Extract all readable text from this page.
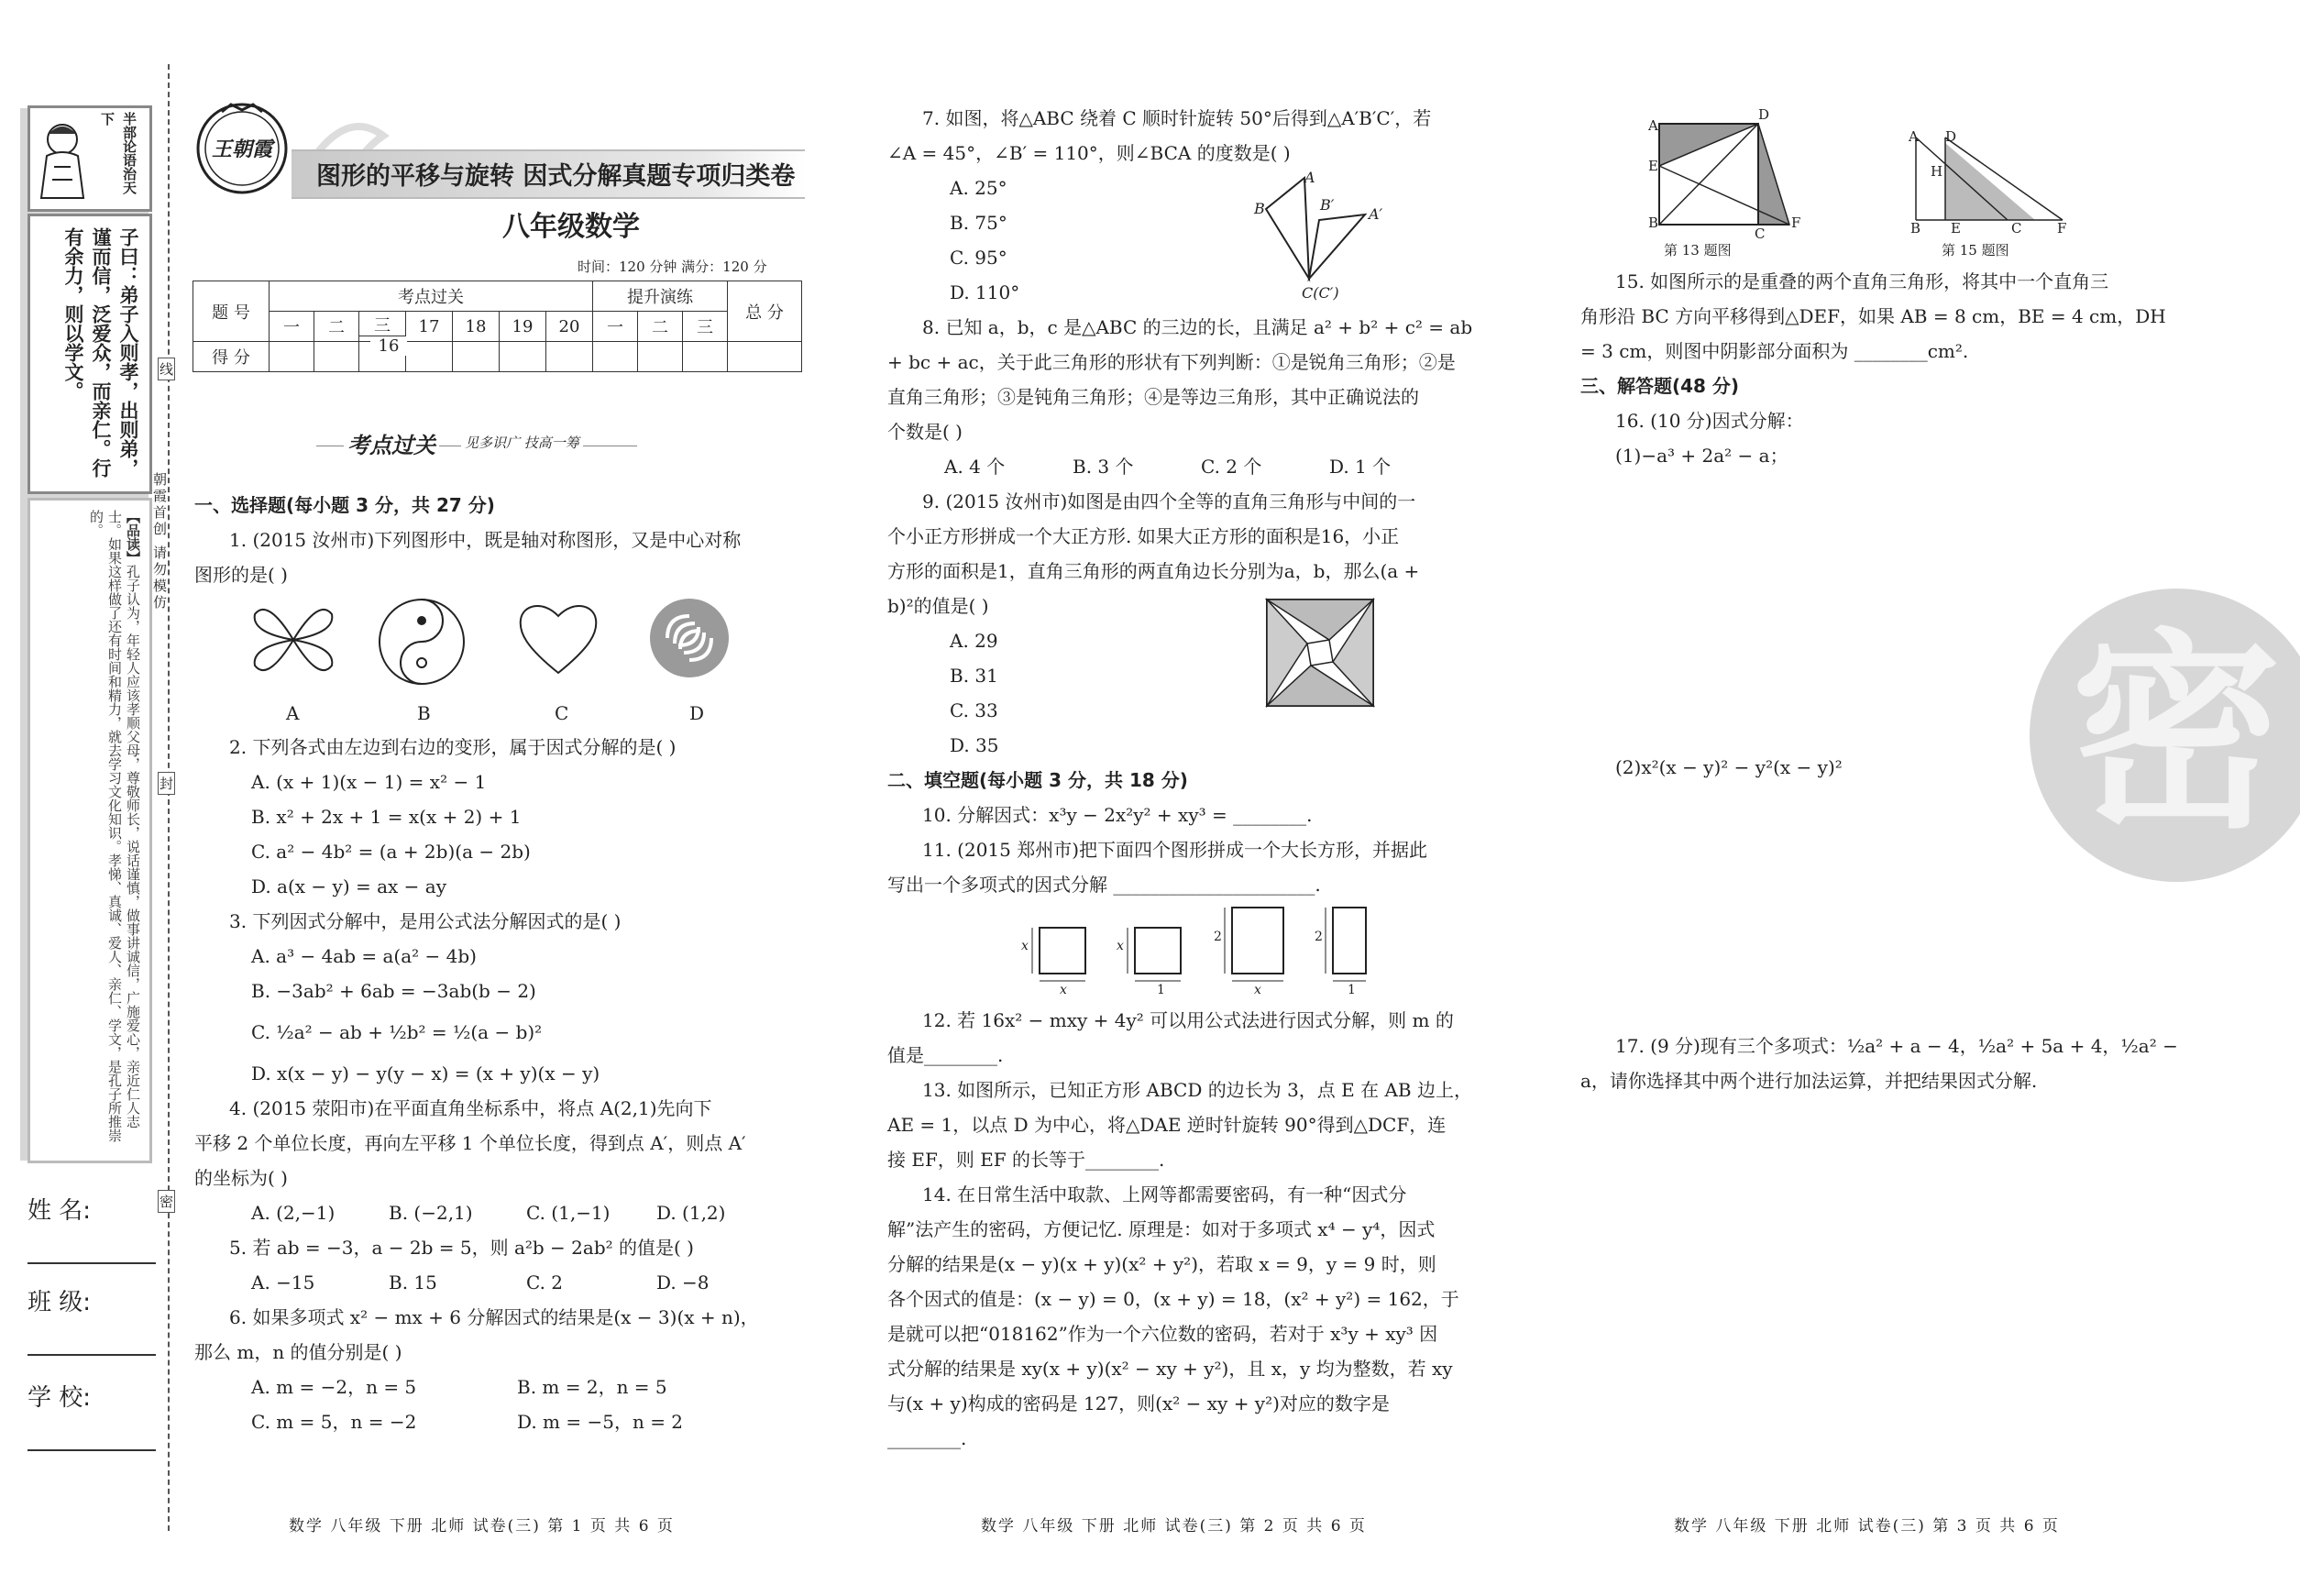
半部论语治天下
子曰：弟子入则孝，出则弟，谨而信，泛爱众，而亲仁。行有余力，则以学文。
【品读】孔子认为，年轻人应该孝顺父母，尊敬师长，说话谨慎，做事讲诚信，广施爱心，亲近仁人志士。如果这样做了还有时间和精力，就去学习文化知识。孝悌、真诚、爱人、亲仁、学文，是孔子所推崇的。
姓 名:
班 级:
学 校:
线
封
密
朝霞首创 请勿模仿
王朝霞
图形的平移与旋转 因式分解真题专项归类卷
八年级数学
时间：120 分钟 满分：120 分
题 号	考点过关							提升演练			总 分
	一	二	三	17	18	19	20	一	二	三	
得 分											
16
考点过关 见多识广 技高一筹
一、选择题(每小题 3 分，共 27 分)
1. (2015 汝州市)下列图形中，既是轴对称图形，又是中心对称
图形的是( )
A	B	C	D
2. 下列各式由左边到右边的变形，属于因式分解的是( )
A. (x + 1)(x − 1) = x² − 1
B. x² + 2x + 1 = x(x + 2) + 1
C. a² − 4b² = (a + 2b)(a − 2b)
D. a(x − y) = ax − ay
3. 下列因式分解中，是用公式法分解因式的是( )
A. a³ − 4ab = a(a² − 4b)
B. −3ab² + 6ab = −3ab(b − 2)
C. ½a² − ab + ½b² = ½(a − b)²
D. x(x − y) − y(y − x) = (x + y)(x − y)
4. (2015 荥阳市)在平面直角坐标系中，将点 A(2,1)先向下
平移 2 个单位长度，再向左平移 1 个单位长度，得到点 A′，则点 A′
的坐标为( )
A. (2,−1)	B. (−2,1)	C. (1,−1)	D. (1,2)
5. 若 ab = −3，a − 2b = 5，则 a²b − 2ab² 的值是( )
A. −15	B. 15	C. 2	D. −8
6. 如果多项式 x² − mx + 6 分解因式的结果是(x − 3)(x + n)，
那么 m，n 的值分别是( )
A. m = −2，n = 5	B. m = 2，n = 5
C. m = 5，n = −2	D. m = −5，n = 2
数学 八年级 下册 北师 试卷(三) 第 1 页 共 6 页
7. 如图，将△ABC 绕着 C 顺时针旋转 50°后得到△A′B′C′，若
∠A = 45°，∠B′ = 110°，则∠BCA 的度数是( )
A. 25°
B. 75°
C. 95°
D. 110°
A
B	B′
A′
C(C′)
8. 已知 a，b，c 是△ABC 的三边的长，且满足 a² + b² + c² = ab
+ bc + ac，关于此三角形的形状有下列判断：①是锐角三角形；②是
直角三角形；③是钝角三角形；④是等边三角形，其中正确说法的
个数是( )
A. 4 个	B. 3 个	C. 2 个	D. 1 个
9. (2015 汝州市)如图是由四个全等的直角三角形与中间的一
个小正方形拼成一个大正方形. 如果大正方形的面积是16，小正
方形的面积是1，直角三角形的两直角边长分别为a，b，那么(a +
b)²的值是( )
A. 29
B. 31
C. 33
D. 35
二、填空题(每小题 3 分，共 18 分)
10. 分解因式：x³y − 2x²y² + xy³ = ________.
11. (2015 郑州市)把下面四个图形拼成一个大长方形，并据此
写出一个多项式的因式分解 ______________________.
x
x
x
1
2
x
2
1
12. 若 16x² − mxy + 4y² 可以用公式法进行因式分解，则 m 的
值是________.
13. 如图所示，已知正方形 ABCD 的边长为 3，点 E 在 AB 边上，
AE = 1，以点 D 为中心，将△DAE 逆时针旋转 90°得到△DCF，连
接 EF，则 EF 的长等于________.
14. 在日常生活中取款、上网等都需要密码，有一种“因式分
解”法产生的密码，方便记忆. 原理是：如对于多项式 x⁴ − y⁴，因式
分解的结果是(x − y)(x + y)(x² + y²)，若取 x = 9，y = 9 时，则
各个因式的值是：(x − y) = 0，(x + y) = 18，(x² + y²) = 162，于
是就可以把“018162”作为一个六位数的密码，若对于 x³y + xy³ 因
式分解的结果是 xy(x + y)(x² − xy + y²)，且 x，y 均为整数，若 xy
与(x + y)构成的密码是 127，则(x² − xy + y²)对应的数字是
________.
数学 八年级 下册 北师 试卷(三) 第 2 页 共 6 页
A
D
E
B
C
F
第 13 题图
A D
H
B E	C	F
第 15 题图
15. 如图所示的是重叠的两个直角三角形，将其中一个直角三
角形沿 BC 方向平移得到△DEF，如果 AB = 8 cm，BE = 4 cm，DH
= 3 cm，则图中阴影部分面积为 ________cm².
三、解答题(48 分)
16. (10 分)因式分解：
(1)−a³ + 2a² − a；
(2)x²(x − y)² − y²(x − y)²
17. (9 分)现有三个多项式：½a² + a − 4，½a² + 5a + 4，½a² −
a，请你选择其中两个进行加法运算，并把结果因式分解.
密
数学 八年级 下册 北师 试卷(三) 第 3 页 共 6 页
